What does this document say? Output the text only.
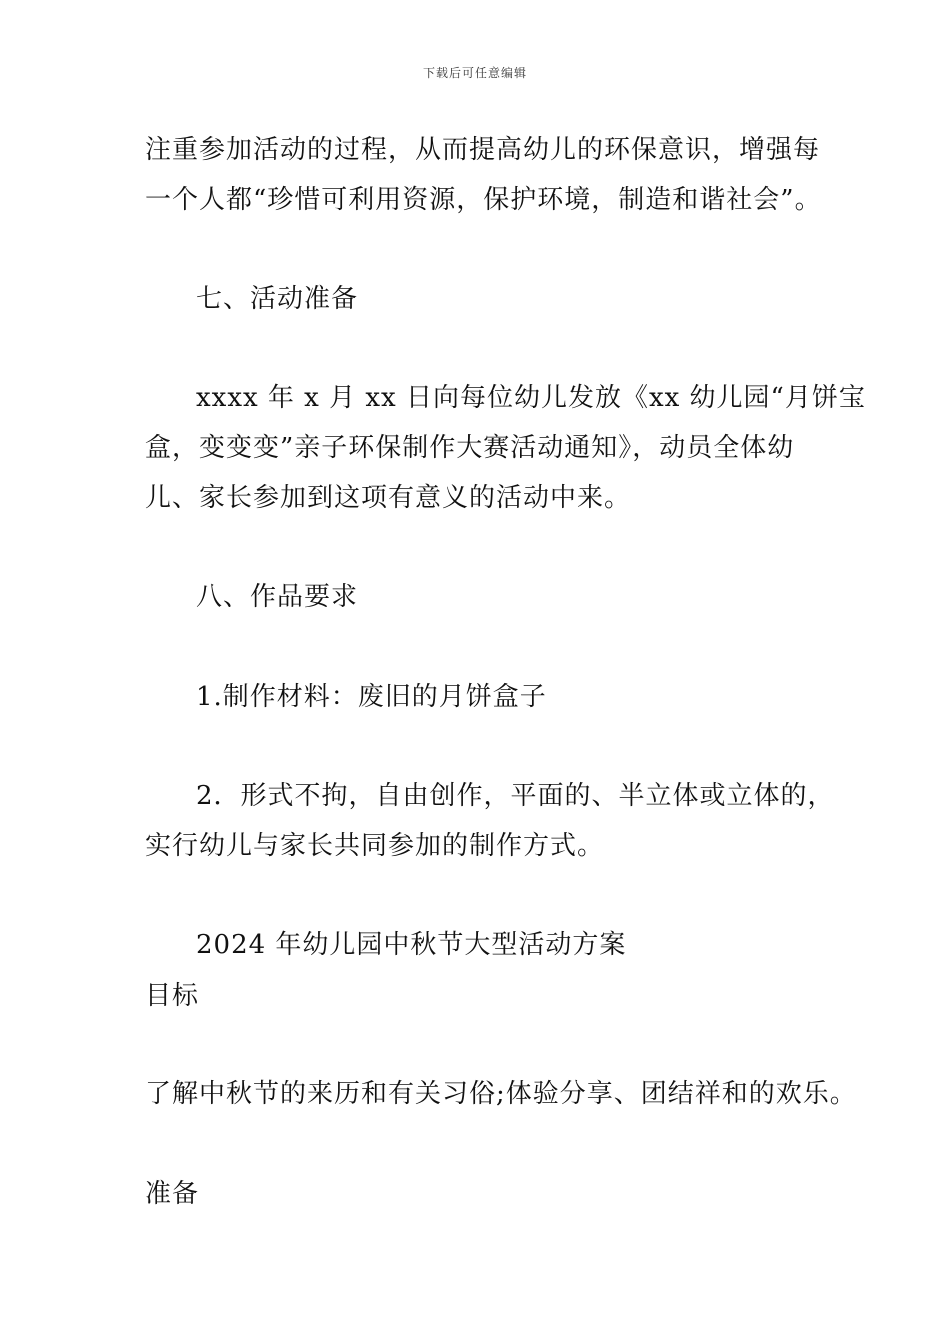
下载后可任意编辑
注重参加活动的过程，从而提高幼儿的环保意识，增强每
一个人都“珍惜可利用资源，保护环境，制造和谐社会”。
七、活动准备
xxxx 年 x 月 xx 日向每位幼儿发放《xx 幼儿园“月饼宝
盒，变变变”亲子环保制作大赛活动通知》，动员全体幼
儿、家长参加到这项有意义的活动中来。
八、作品要求
1.制作材料：废旧的月饼盒子
2．形式不拘，自由创作，平面的、半立体或立体的，
实行幼儿与家长共同参加的制作方式。
2024 年幼儿园中秋节大型活动方案
目标
了解中秋节的来历和有关习俗;体验分享、团结祥和的欢乐。
准备
